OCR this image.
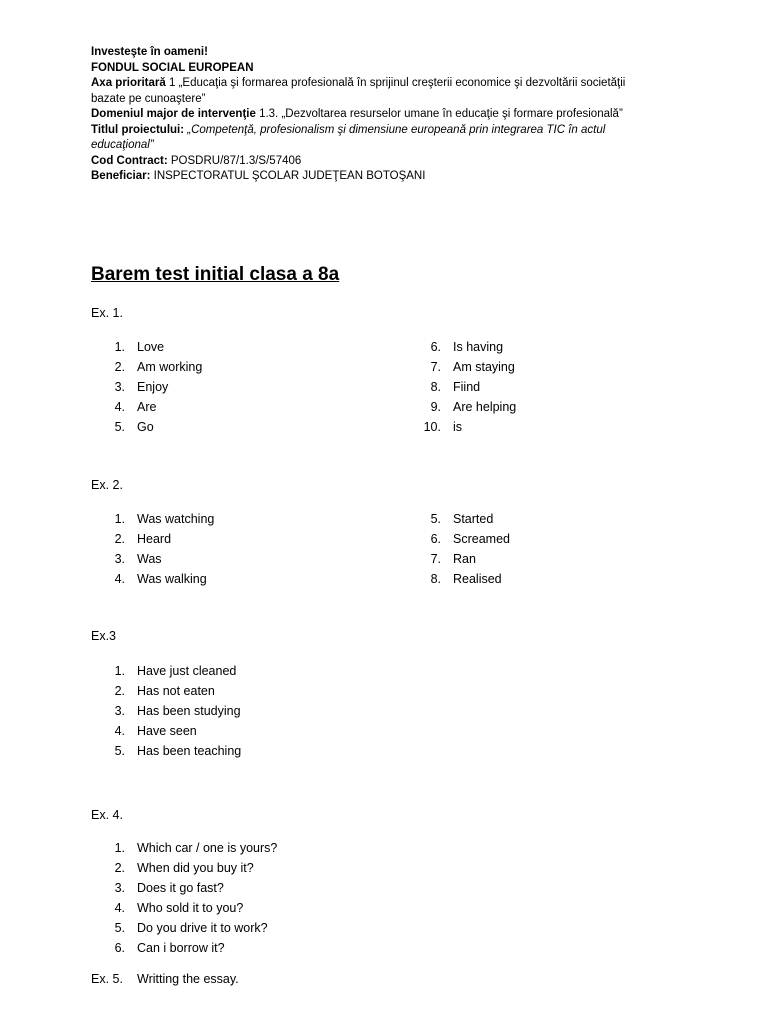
Investeşte în oameni!
FONDUL SOCIAL EUROPEAN
Axa prioritară 1 „Educaţia şi formarea profesională în sprijinul creşterii economice şi dezvoltării societăţii bazate pe cunoaştere”
Domeniul major de intervenţie 1.3. „Dezvoltarea resurselor umane în educaţie şi formare profesională”
Titlul proiectului: „Competenţă, profesionalism şi dimensiune europeană prin integrarea TIC în actul educaţional”
Cod Contract: POSDRU/87/1.3/S/57406
Beneficiar: INSPECTORATUL ŞCOLAR JUDEŢEAN BOTOŞANI
Barem test initial clasa a 8a
Ex. 1.
1. Love
2. Am working
3. Enjoy
4. Are
5. Go
6. Is having
7. Am staying
8. Fiind
9. Are helping
10. is
Ex. 2.
1. Was watching
2. Heard
3. Was
4. Was walking
5. Started
6. Screamed
7. Ran
8. Realised
Ex.3
1. Have just cleaned
2. Has not eaten
3. Has been studying
4. Have seen
5. Has been teaching
Ex. 4.
1. Which car / one is yours?
2. When did you buy it?
3. Does it go fast?
4. Who sold it to you?
5. Do you drive it to work?
6. Can i borrow it?
Ex. 5. Writting the essay.
